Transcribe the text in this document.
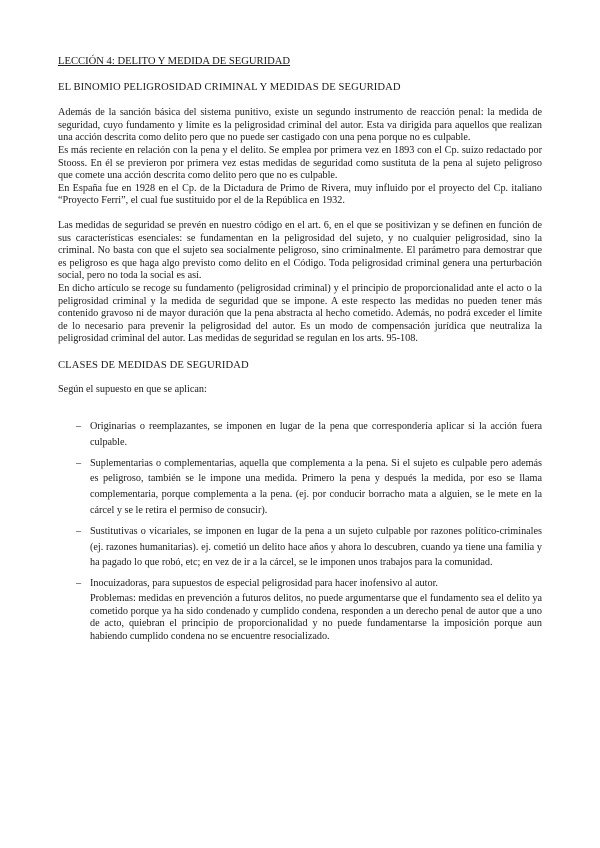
LECCIÓN 4: DELITO Y MEDIDA DE SEGURIDAD
EL BINOMIO PELIGROSIDAD CRIMINAL Y MEDIDAS DE SEGURIDAD

Además de la sanción básica del sistema punitivo, existe un segundo instrumento de reacción penal: la medida de seguridad, cuyo fundamento y límite es la peligrosidad criminal del autor. Esta va dirigida para aquellos que realizan una acción descrita como delito pero que no puede ser castigado con una pena porque no es culpable.

Es más reciente en relación con la pena y el delito. Se emplea por primera vez en 1893 con el Cp. suizo redactado por Stooss. En él se previeron por primera vez estas medidas de seguridad como sustituta de la pena al sujeto peligroso que comete una acción descrita como delito pero que no es culpable.

En España fue en 1928 en el Cp. de la Dictadura de Primo de Rivera, muy influido por el proyecto del Cp. italiano “Proyecto Ferri”, el cual fue sustituido por el de la República en 1932.

Las medidas de seguridad se prevén en nuestro código en el art. 6, en el que se positivizan y se definen en función de sus características esenciales: se fundamentan en la peligrosidad del sujeto, y no cualquier peligrosidad, sino la criminal. No basta con que el sujeto sea socialmente peligroso, sino criminalmente. El parámetro para demostrar que es peligroso es que haga algo previsto como delito en el Código. Toda peligrosidad criminal genera una perturbación social, pero no toda la social es así.

En dicho artículo se recoge su fundamento (peligrosidad criminal) y el principio de proporcionalidad ante el acto o la peligrosidad criminal y la medida de seguridad que se impone. A este respecto las medidas no pueden tener más contenido gravoso ni de mayor duración que la pena abstracta al hecho cometido. Además, no podrá exceder el límite de lo necesario para prevenir la peligrosidad del autor. Es un modo de compensación jurídica que neutraliza la peligrosidad criminal del autor. Las medidas de seguridad se regulan en los arts. 95-108.

CLASES DE MEDIDAS DE SEGURIDAD

Según el supuesto en que se aplican:

– Originarias o reemplazantes, se imponen en lugar de la pena que correspondería aplicar si la acción fuera culpable.
– Suplementarias o complementarias, aquella que complementa a la pena. Si el sujeto es culpable pero además es peligroso, también se le impone una medida. Primero la pena y después la medida, por eso se llama complementaria, porque complementa a la pena. (ej. por conducir borracho mata a alguien, se le mete en la cárcel y se le retira el permiso de consucir).
– Sustitutivas o vicariales, se imponen en lugar de la pena a un sujeto culpable por razones político-criminales (ej. razones humanitarias). ej. cometió un delito hace años y ahora lo descubren, cuando ya tiene una familia y ha pagado lo que robó, etc; en vez de ir a la cárcel, se le imponen unos trabajos para la comunidad.
– Inocuizadoras, para supuestos de especial peligrosidad para hacer inofensivo al autor.
Problemas: medidas en prevención a futuros delitos, no puede argumentarse que el fundamento sea el delito ya cometido porque ya ha sido condenado y cumplido condena, responden a un derecho penal de autor que a uno de acto, quiebran el principio de proporcionalidad y no puede fundamentarse la imposición porque aun habiendo cumplido condena no se encuentre resocializado.
